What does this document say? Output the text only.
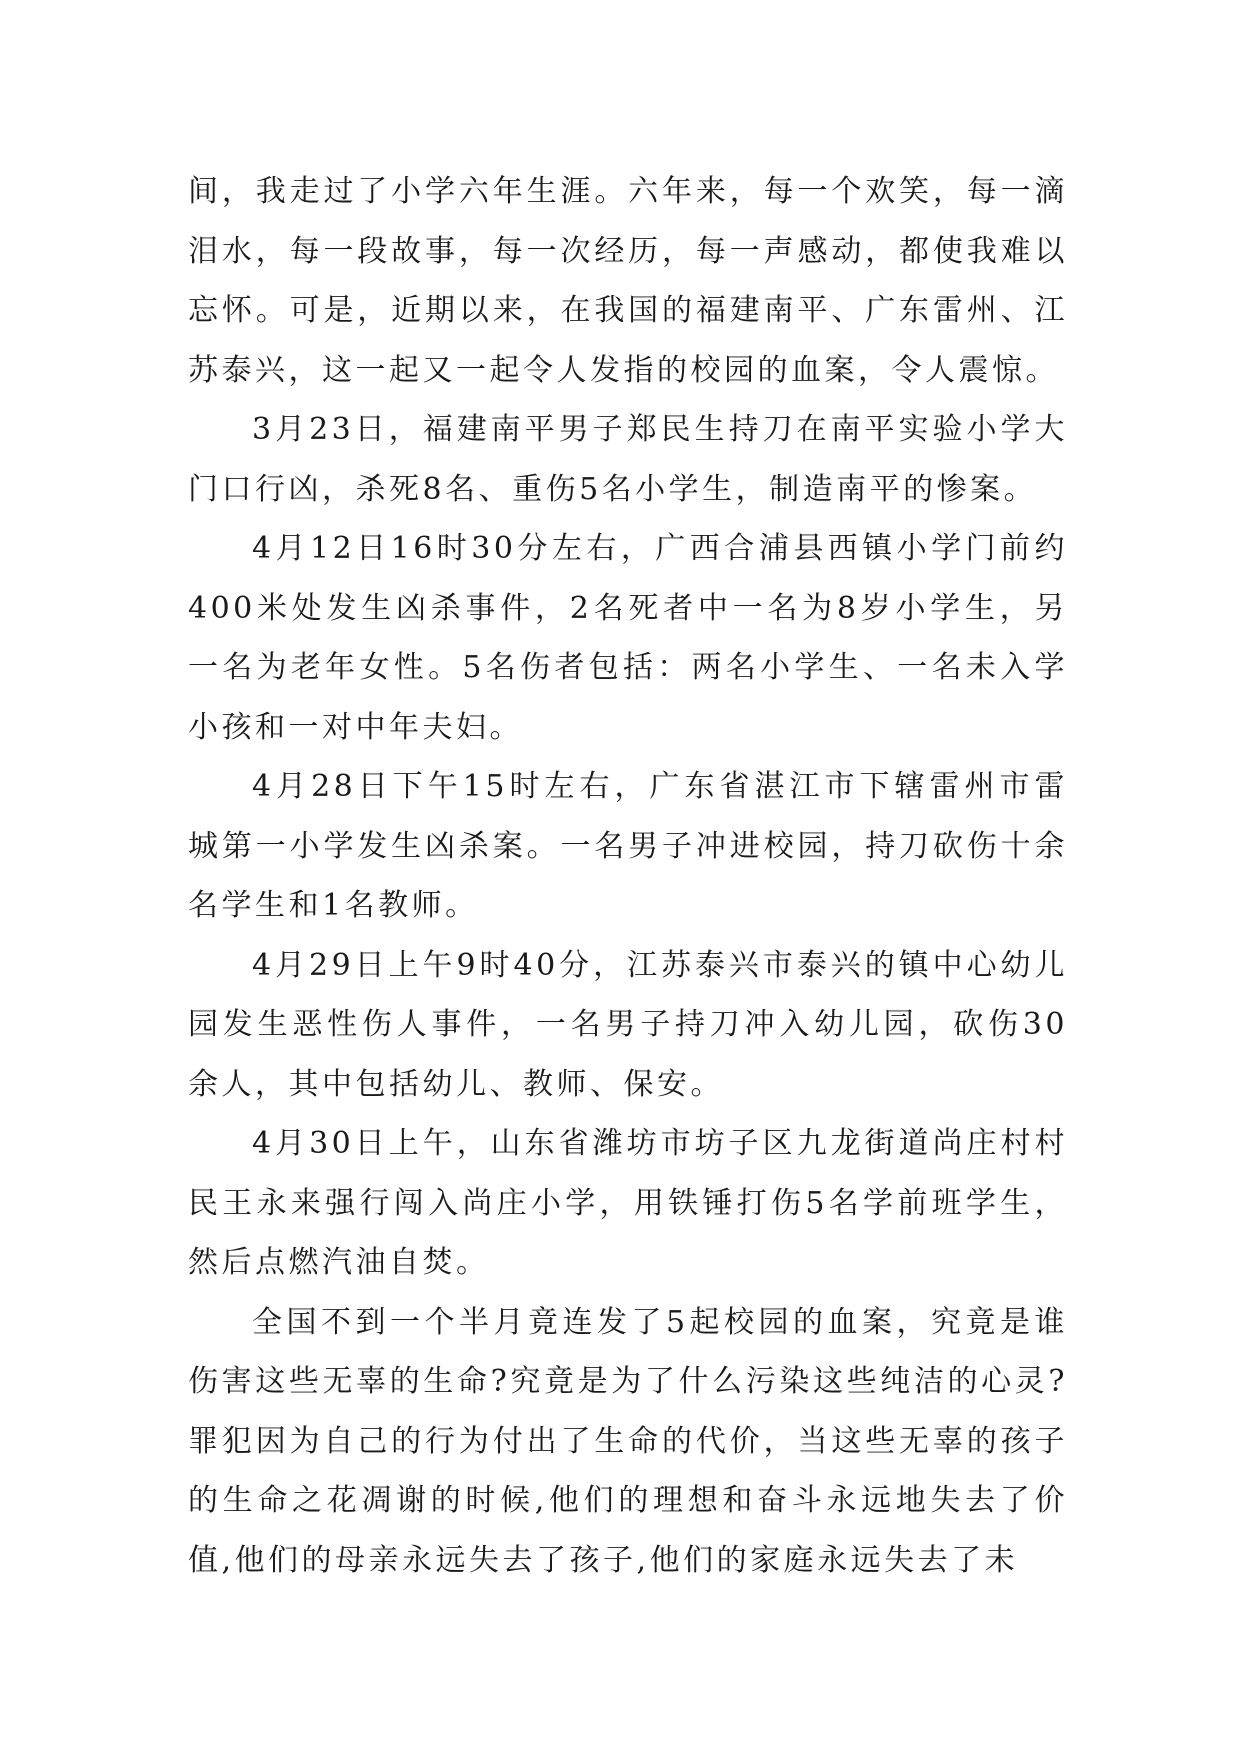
间，我走过了小学六年生涯。六年来，每一个欢笑，每一滴泪水，每一段故事，每一次经历，每一声感动，都使我难以忘怀。可是，近期以来，在我国的福建南平、广东雷州、江苏泰兴，这一起又一起令人发指的校园的血案，令人震惊。

3月23日，福建南平男子郑民生持刀在南平实验小学大门口行凶，杀死8名、重伤5名小学生，制造南平的惨案。

4月12日16时30分左右，广西合浦县西镇小学门前约400米处发生凶杀事件，2名死者中一名为8岁小学生，另一名为老年女性。5名伤者包括：两名小学生、一名未入学小孩和一对中年夫妇。

4月28日下午15时左右，广东省湛江市下辖雷州市雷城第一小学发生凶杀案。一名男子冲进校园，持刀砍伤十余名学生和1名教师。

4月29日上午9时40分，江苏泰兴市泰兴的镇中心幼儿园发生恶性伤人事件，一名男子持刀冲入幼儿园，砍伤30余人，其中包括幼儿、教师、保安。

4月30日上午，山东省潍坊市坊子区九龙街道尚庄村村民王永来强行闯入尚庄小学，用铁锤打伤5名学前班学生，然后点燃汽油自焚。

全国不到一个半月竟连发了5起校园的血案，究竟是谁伤害这些无辜的生命?究竟是为了什么污染这些纯洁的心灵?罪犯因为自己的行为付出了生命的代价，当这些无辜的孩子的生命之花凋谢的时候,他们的理想和奋斗永远地失去了价值,他们的母亲永远失去了孩子,他们的家庭永远失去了未
